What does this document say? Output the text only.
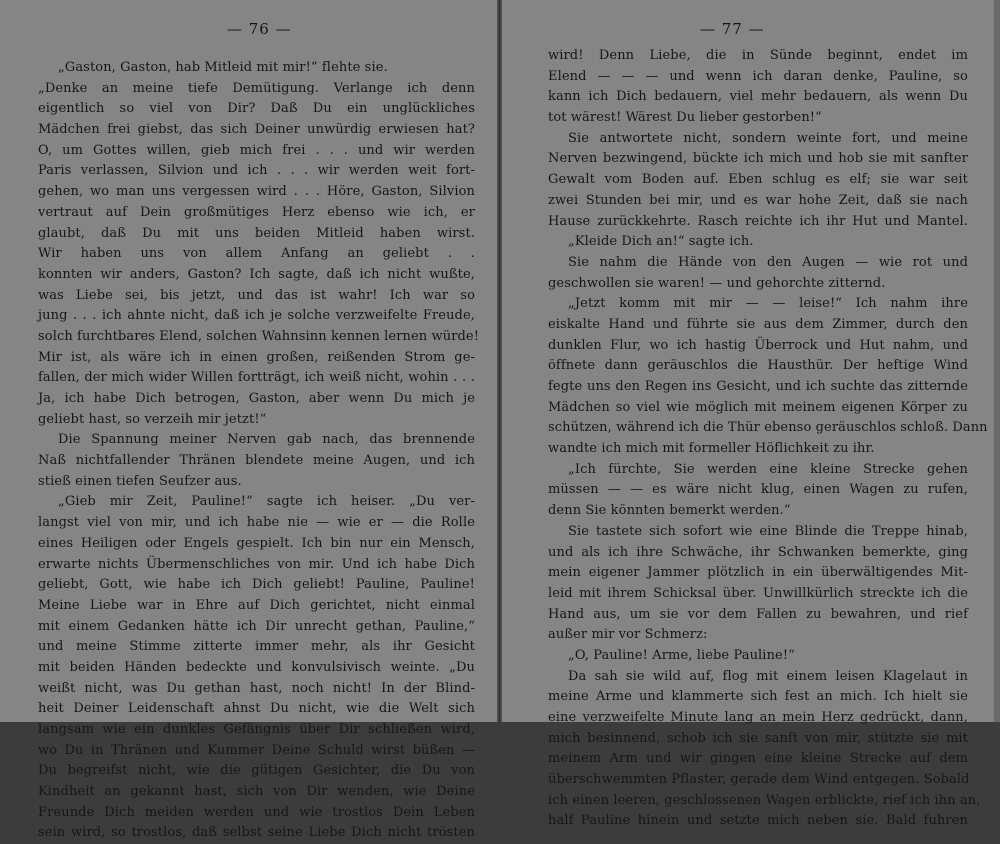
— 76 —
„Gaston, Gaston, hab Mitleid mit mir!“ flehte sie.
„Denke an meine tiefe Demütigung. Verlange ich denn
eigentlich so viel von Dir? Daß Du ein unglückliches
Mädchen frei giebst, das sich Deiner unwürdig erwiesen hat?
O, um Gottes willen, gieb mich frei . . . und wir werden
Paris verlassen, Silvion und ich . . . wir werden weit fort-
gehen, wo man uns vergessen wird . . . Höre, Gaston, Silvion
vertraut auf Dein großmütiges Herz ebenso wie ich, er
glaubt, daß Du mit uns beiden Mitleid haben wirst.
Wir haben uns von allem Anfang an geliebt . .
konnten wir anders, Gaston? Ich sagte, daß ich nicht wußte,
was Liebe sei, bis jetzt, und das ist wahr! Ich war so
jung . . . ich ahnte nicht, daß ich je solche verzweifelte Freude,
solch furchtbares Elend, solchen Wahnsinn kennen lernen würde!
Mir ist, als wäre ich in einen großen, reißenden Strom ge-
fallen, der mich wider Willen fortträgt, ich weiß nicht, wohin . . .
Ja, ich habe Dich betrogen, Gaston, aber wenn Du mich je
geliebt hast, so verzeih mir jetzt!“
Die Spannung meiner Nerven gab nach, das brennende
Naß nichtfallender Thränen blendete meine Augen, und ich
stieß einen tiefen Seufzer aus.
„Gieb mir Zeit, Pauline!“ sagte ich heiser. „Du ver-
langst viel von mir, und ich habe nie — wie er — die Rolle
eines Heiligen oder Engels gespielt. Ich bin nur ein Mensch,
erwarte nichts Übermenschliches von mir. Und ich habe Dich
geliebt, Gott, wie habe ich Dich geliebt! Pauline, Pauline!
Meine Liebe war in Ehre auf Dich gerichtet, nicht einmal
mit einem Gedanken hätte ich Dir unrecht gethan, Pauline,“
und meine Stimme zitterte immer mehr, als ihr Gesicht
mit beiden Händen bedeckte und konvulsivisch weinte. „Du
weißt nicht, was Du gethan hast, noch nicht! In der Blind-
heit Deiner Leidenschaft ahnst Du nicht, wie die Welt sich
langsam wie ein dunkles Gefängnis über Dir schließen wird,
wo Du in Thränen und Kummer Deine Schuld wirst büßen —
Du begreifst nicht, wie die gütigen Gesichter, die Du von
Kindheit an gekannt hast, sich von Dir wenden, wie Deine
Freunde Dich meiden werden und wie trostlos Dein Leben
sein wird, so trostlos, daß selbst seine Liebe Dich nicht trösten
— 77 —
wird! Denn Liebe, die in Sünde beginnt, endet im
Elend — — — und wenn ich daran denke, Pauline, so
kann ich Dich bedauern, viel mehr bedauern, als wenn Du
tot wärest! Wärest Du lieber gestorben!“
Sie antwortete nicht, sondern weinte fort, und meine
Nerven bezwingend, bückte ich mich und hob sie mit sanfter
Gewalt vom Boden auf. Eben schlug es elf; sie war seit
zwei Stunden bei mir, und es war hohe Zeit, daß sie nach
Hause zurückkehrte. Rasch reichte ich ihr Hut und Mantel.
„Kleide Dich an!“ sagte ich.
Sie nahm die Hände von den Augen — wie rot und
geschwollen sie waren! — und gehorchte zitternd.
„Jetzt komm mit mir — — leise!“ Ich nahm ihre
eiskalte Hand und führte sie aus dem Zimmer, durch den
dunklen Flur, wo ich hastig Überrock und Hut nahm, und
öffnete dann geräuschlos die Hausthür. Der heftige Wind
fegte uns den Regen ins Gesicht, und ich suchte das zitternde
Mädchen so viel wie möglich mit meinem eigenen Körper zu
schützen, während ich die Thür ebenso geräuschlos schloß. Dann
wandte ich mich mit formeller Höflichkeit zu ihr.
„Ich fürchte, Sie werden eine kleine Strecke gehen
müssen — — es wäre nicht klug, einen Wagen zu rufen,
denn Sie könnten bemerkt werden.“
Sie tastete sich sofort wie eine Blinde die Treppe hinab,
und als ich ihre Schwäche, ihr Schwanken bemerkte, ging
mein eigener Jammer plötzlich in ein überwältigendes Mit-
leid mit ihrem Schicksal über. Unwillkürlich streckte ich die
Hand aus, um sie vor dem Fallen zu bewahren, und rief
außer mir vor Schmerz:
„O, Pauline! Arme, liebe Pauline!“
Da sah sie wild auf, flog mit einem leisen Klagelaut in
meine Arme und klammerte sich fest an mich. Ich hielt sie
eine verzweifelte Minute lang an mein Herz gedrückt, dann,
mich besinnend, schob ich sie sanft von mir, stützte sie mit
meinem Arm und wir gingen eine kleine Strecke auf dem
überschwemmten Pflaster, gerade dem Wind entgegen. Sobald
ich einen leeren, geschlossenen Wagen erblickte, rief ich ihn an,
half Pauline hinein und setzte mich neben sie. Bald fuhren
